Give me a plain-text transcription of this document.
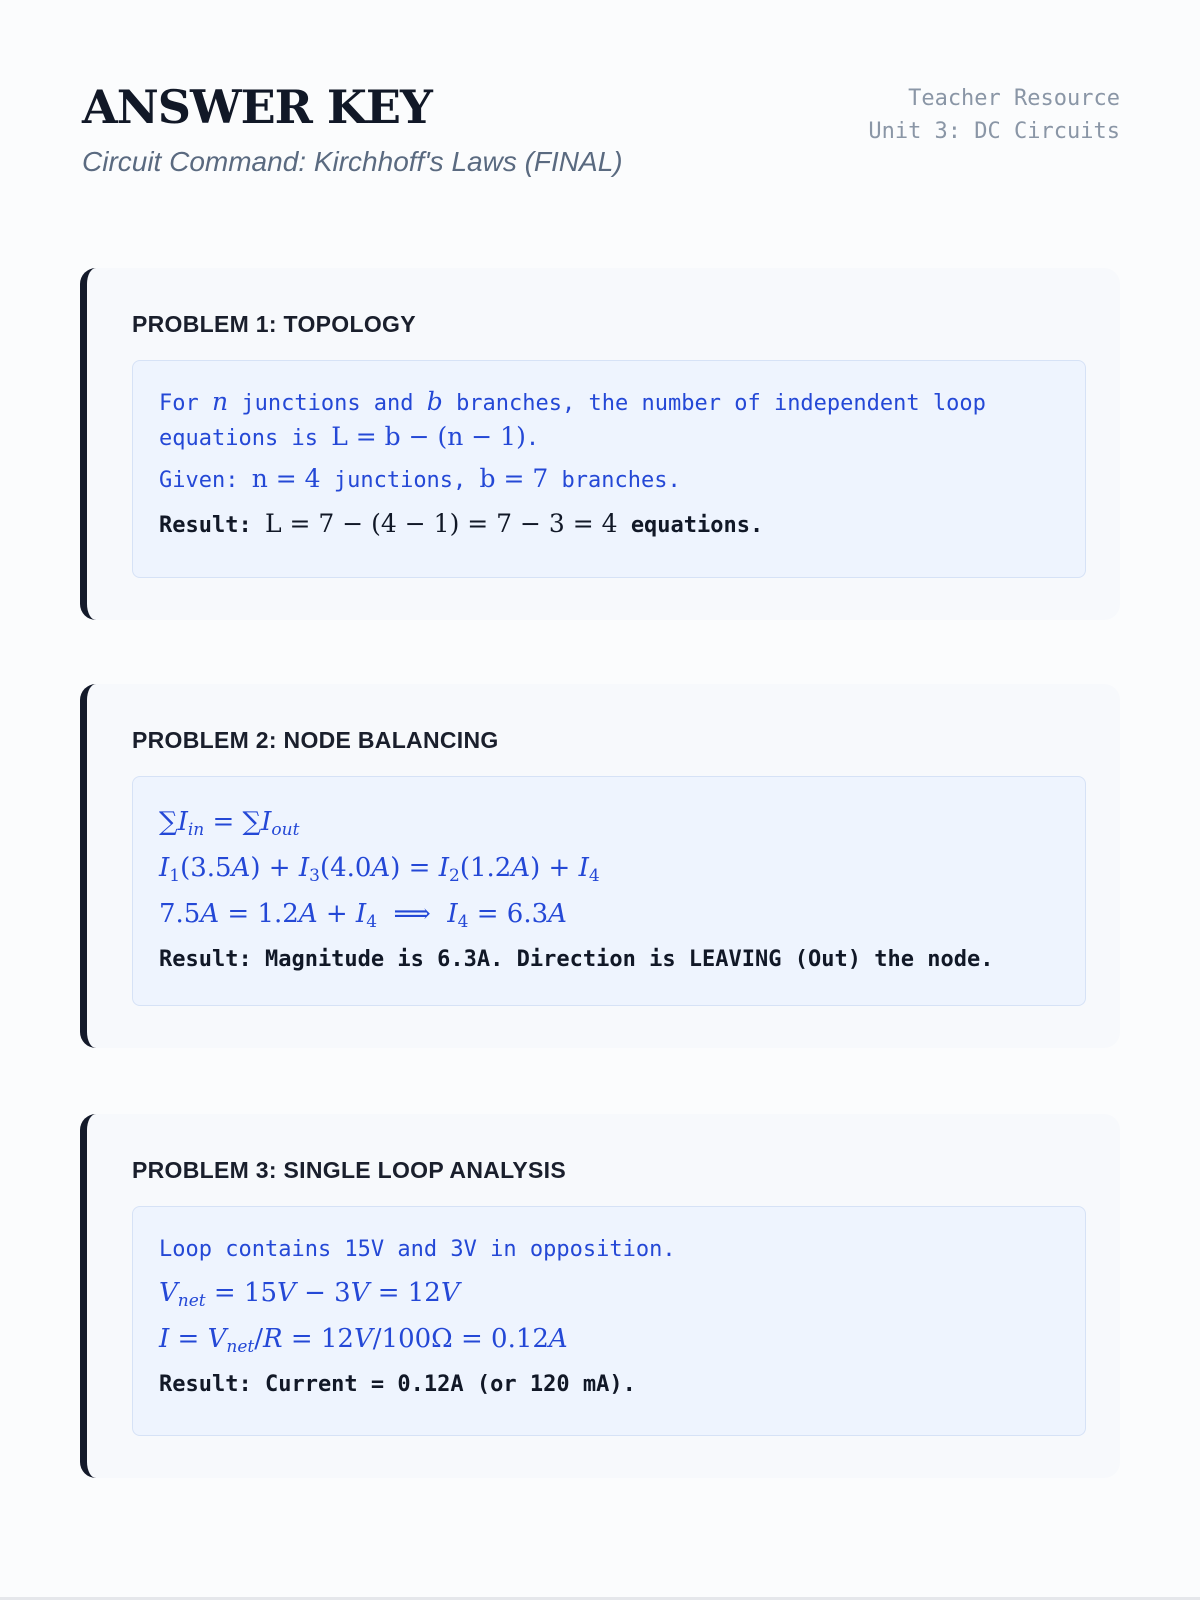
ANSWER KEY
Circuit Command: Kirchhoff's Laws (FINAL)
Teacher Resource
Unit 3: DC Circuits
PROBLEM 1: TOPOLOGY
For n junctions and b branches, the number of independent loop
equations is L = b − (n − 1).
Given: n = 4 junctions, b = 7 branches.
Result: L = 7 − (4 − 1) = 7 − 3 = 4 equations.
PROBLEM 2: NODE BALANCING
$\sum I_{in} = \sum I_{out}$
$I_1(3.5A) + I_3(4.0A) = I_2(1.2A) + I_4$
$7.5A = 1.2A + I_4$  ⟹  $I_4 = 6.3A$
Result: Magnitude is 6.3A. Direction is LEAVING (Out) the node.
PROBLEM 3: SINGLE LOOP ANALYSIS
Loop contains 15V and 3V in opposition.
$V_{net} = 15V - 3V = 12V$
$I = V_{net}/R = 12V/100\Omega = 0.12A$
Result: Current = 0.12A (or 120 mA).
